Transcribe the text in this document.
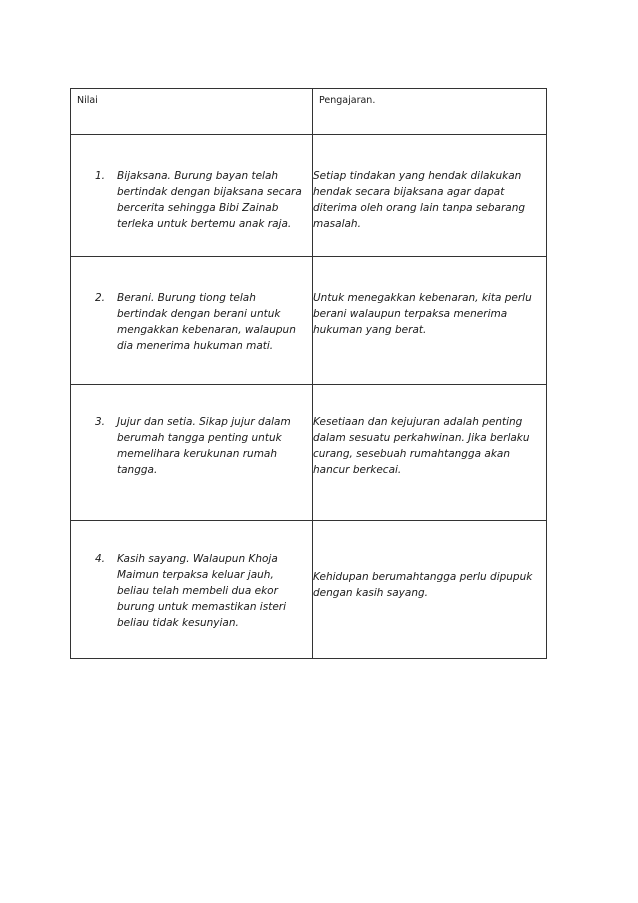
Nilai	Pengajaran.

1. Bijaksana. Burung bayan telah bertindak dengan bijaksana secara bercerita sehingga Bibi Zainab terleka untuk bertemu anak raja.	Setiap tindakan yang hendak dilakukan hendak secara bijaksana agar dapat diterima oleh orang lain tanpa sebarang masalah.

2. Berani. Burung tiong telah bertindak dengan berani untuk mengakkan kebenaran, walaupun dia menerima hukuman mati.	Untuk menegakkan kebenaran, kita perlu berani walaupun terpaksa menerima hukuman yang berat.

3. Jujur dan setia. Sikap jujur dalam berumah tangga penting untuk memelihara kerukunan rumah tangga.	Kesetiaan dan kejujuran adalah penting dalam sesuatu perkahwinan. Jika berlaku curang, sesebuah rumahtangga akan hancur berkecai.

4. Kasih sayang. Walaupun Khoja Maimun terpaksa keluar jauh, beliau telah membeli dua ekor burung untuk memastikan isteri beliau tidak kesunyian.	Kehidupan berumahtangga perlu dipupuk dengan kasih sayang.
